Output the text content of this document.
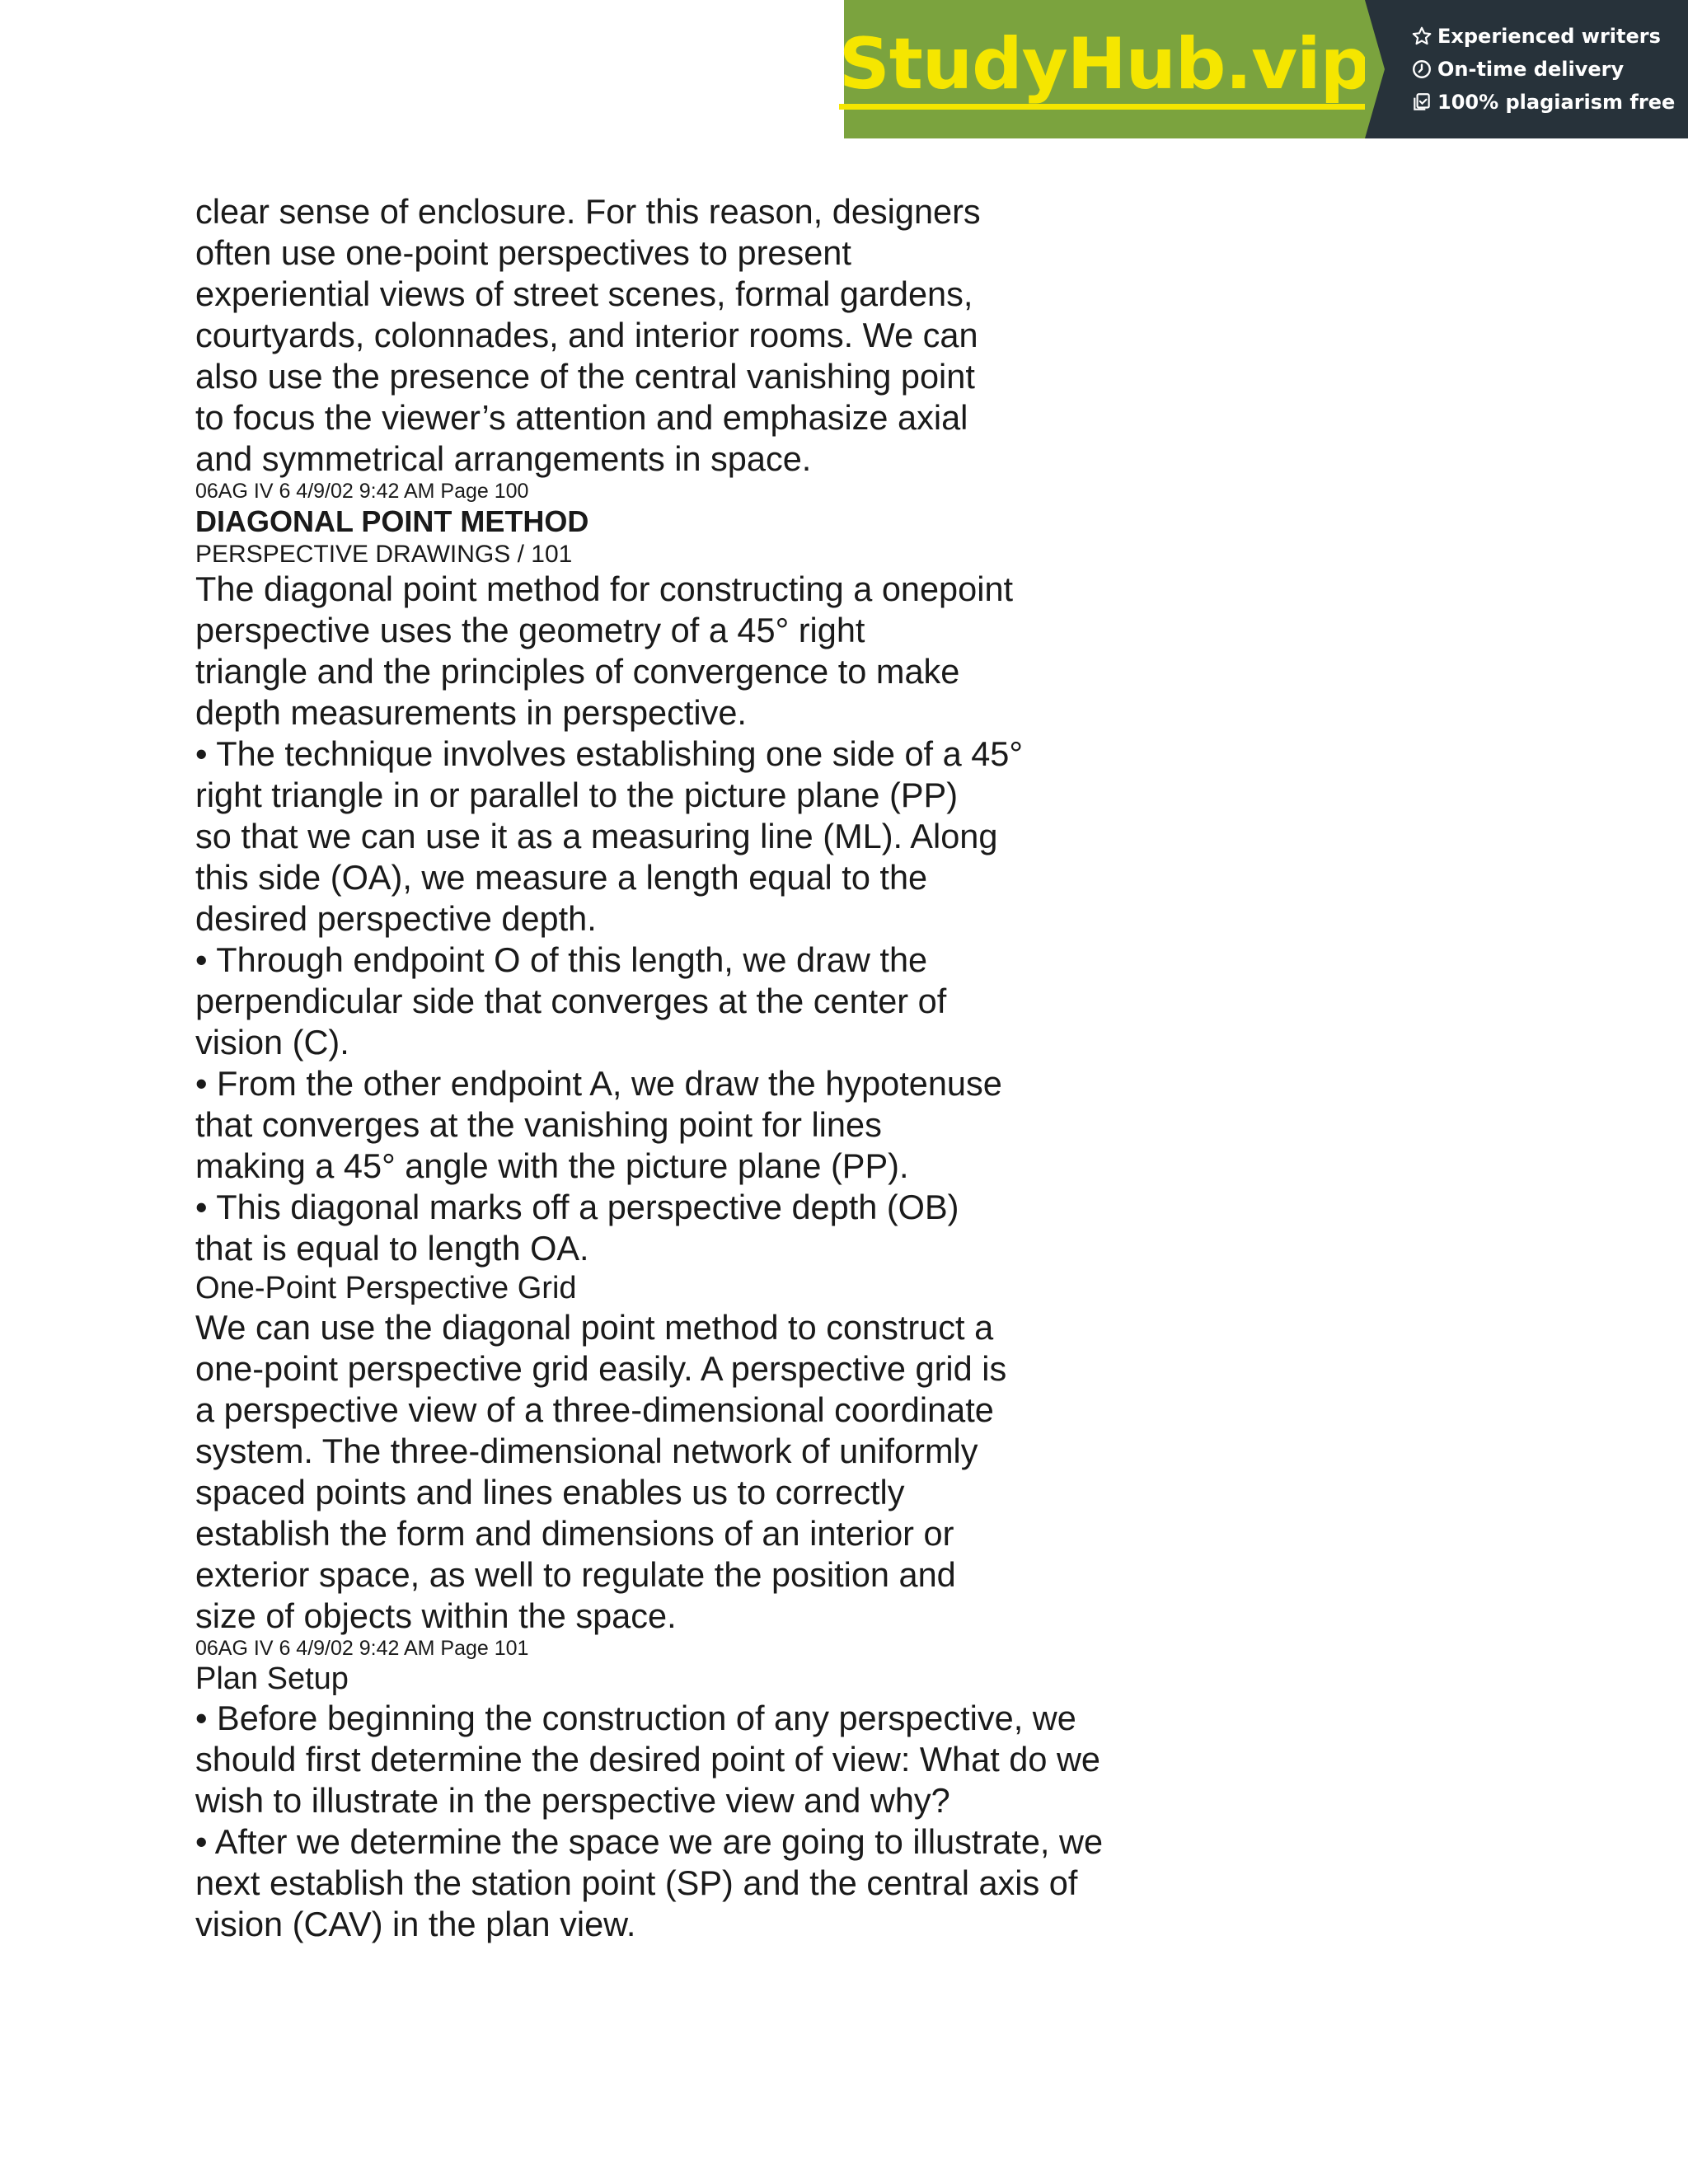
StudyHub.vip	Experienced writers
On-time delivery
100% plagiarism free

clear sense of enclosure. For this reason, designers

often use one-point perspectives to present

experiential views of street scenes, formal gardens,

courtyards, colonnades, and interior rooms. We can

also use the presence of the central vanishing point

to focus the viewer’s attention and emphasize axial

and symmetrical arrangements in space.

06AG IV 6 4/9/02 9:42 AM Page 100

DIAGONAL POINT METHOD

PERSPECTIVE DRAWINGS / 101

The diagonal point method for constructing a onepoint

perspective uses the geometry of a 45° right

triangle and the principles of convergence to make

depth measurements in perspective.

• The technique involves establishing one side of a 45°

right triangle in or parallel to the picture plane (PP)

so that we can use it as a measuring line (ML). Along

this side (OA), we measure a length equal to the

desired perspective depth.

• Through endpoint O of this length, we draw the

perpendicular side that converges at the center of

vision (C).

• From the other endpoint A, we draw the hypotenuse

that converges at the vanishing point for lines

making a 45° angle with the picture plane (PP).

• This diagonal marks off a perspective depth (OB)

that is equal to length OA.

One-Point Perspective Grid

We can use the diagonal point method to construct a

one-point perspective grid easily. A perspective grid is

a perspective view of a three-dimensional coordinate

system. The three-dimensional network of uniformly

spaced points and lines enables us to correctly

establish the form and dimensions of an interior or

exterior space, as well to regulate the position and

size of objects within the space.

06AG IV 6 4/9/02 9:42 AM Page 101

Plan Setup

• Before beginning the construction of any perspective, we

should first determine the desired point of view: What do we

wish to illustrate in the perspective view and why?

• After we determine the space we are going to illustrate, we

next establish the station point (SP) and the central axis of

vision (CAV) in the plan view.
